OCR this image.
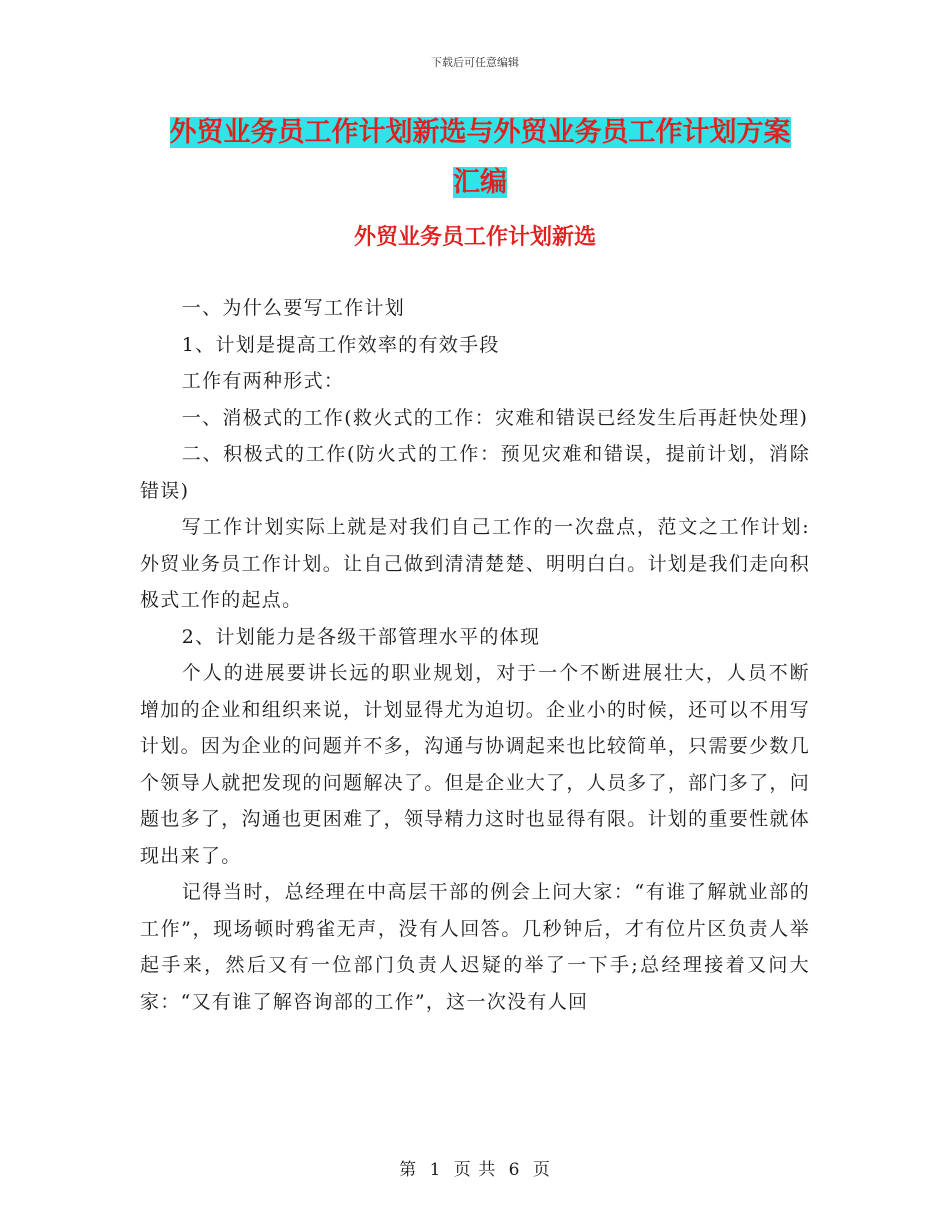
下载后可任意编辑
外贸业务员工作计划新选与外贸业务员工作计划方案
汇编
外贸业务员工作计划新选

一、为什么要写工作计划

1、计划是提高工作效率的有效手段

工作有两种形式：

一、消极式的工作(救火式的工作：灾难和错误已经发生后再赶快处理)

二、积极式的工作(防火式的工作：预见灾难和错误，提前计划，消除错误)

写工作计划实际上就是对我们自己工作的一次盘点，范文之工作计划:外贸业务员工作计划。让自己做到清清楚楚、明明白白。计划是我们走向积极式工作的起点。

2、计划能力是各级干部管理水平的体现

个人的进展要讲长远的职业规划，对于一个不断进展壮大，人员不断增加的企业和组织来说，计划显得尤为迫切。企业小的时候，还可以不用写计划。因为企业的问题并不多，沟通与协调起来也比较简单，只需要少数几个领导人就把发现的问题解决了。但是企业大了，人员多了，部门多了，问题也多了，沟通也更困难了，领导精力这时也显得有限。计划的重要性就体现出来了。

记得当时，总经理在中高层干部的例会上问大家：“有谁了解就业部的工作”，现场顿时鸦雀无声，没有人回答。几秒钟后，才有位片区负责人举起手来，然后又有一位部门负责人迟疑的举了一下手;总经理接着又问大家：“又有谁了解咨询部的工作”，这一次没有人回

第 1 页 共 6 页
